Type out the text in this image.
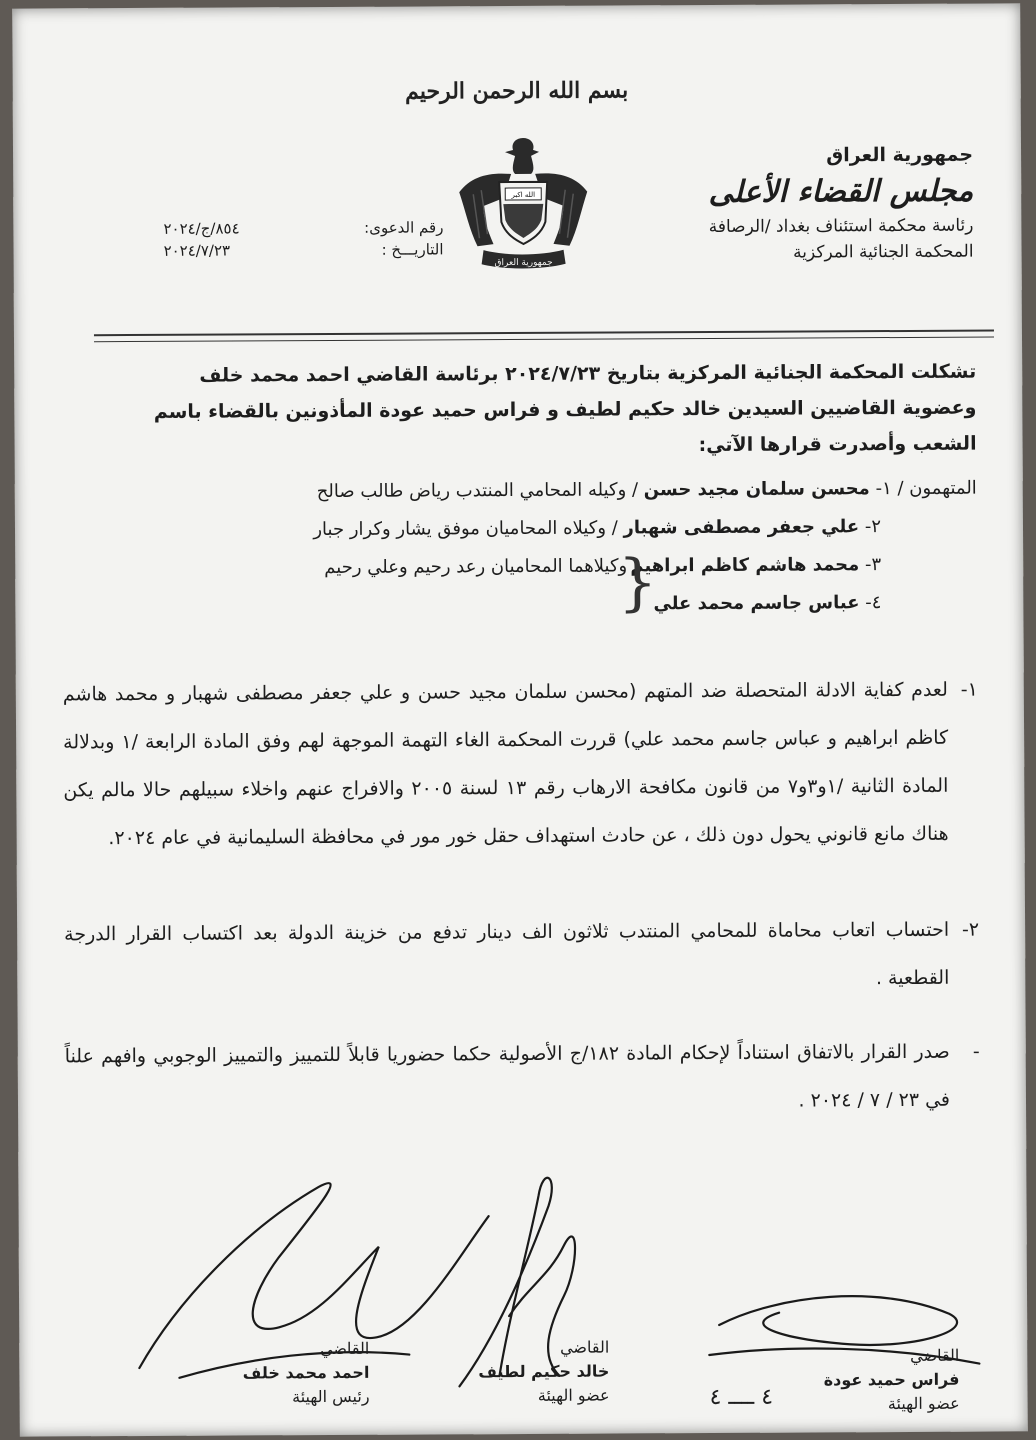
بسم الله الرحمن الرحيم
الله اكبر
جمهورية العراق
جمهورية العراق
مجلس القضاء الأعلى
رئاسة محكمة استئناف بغداد /الرصافة
المحكمة الجنائية المركزية
رقم الدعوى:
٨٥٤/ج/٢٠٢٤
التاريـــخ :
٢٠٢٤/٧/٢٣
تشكلت المحكمة الجنائية المركزية بتاريخ ٢٠٢٤/٧/٢٣ برئاسة القاضي احمد محمد خلف
وعضوية القاضيين السيدين خالد حكيم لطيف و فراس حميد عودة المأذونين بالقضاء باسم
الشعب وأصدرت قرارها الآتي:
المتهمون / ١- محسن سلمان مجيد حسن / وكيله المحامي المنتدب رياض طالب صالح
٢- علي جعفر مصطفى شهبار / وكيلاه المحاميان موفق يشار وكرار جبار
٣- محمد هاشم كاظم ابراهيم
٤- عباس جاسم محمد علي
{
وكيلاهما المحاميان رعد رحيم وعلي رحيم
١-
لعدم كفاية الادلة المتحصلة ضد المتهم (محسن سلمان مجيد حسن و علي جعفر مصطفى شهبار و محمد هاشم كاظم ابراهيم و عباس جاسم محمد علي) قررت المحكمة الغاء التهمة الموجهة لهم وفق المادة الرابعة /١ وبدلالة المادة الثانية /١و٣و٧ من قانون مكافحة الارهاب رقم ١٣ لسنة ٢٠٠٥ والافراج عنهم واخلاء سبيلهم حالا مالم يكن هناك مانع قانوني يحول دون ذلك ، عن حادث استهداف حقل خور مور في محافظة السليمانية في عام ٢٠٢٤.
٢-
احتساب اتعاب محاماة للمحامي المنتدب ثلاثون الف دينار تدفع من خزينة الدولة بعد اكتساب القرار الدرجة القطعية .
-
صدر القرار بالاتفاق استناداً لإحكام المادة ١٨٢/ج الأصولية حكما حضوريا قابلاً للتمييز والتمييز الوجوبي وافهم علناً في ٢٣ / ٧ / ٢٠٢٤ .
القاضي
احمد محمد خلف
رئيس الهيئة
القاضي
خالد حكيم لطيف
عضو الهيئة
القاضي
فراس حميد عودة
عضو الهيئة
٤ ــــ ٤
